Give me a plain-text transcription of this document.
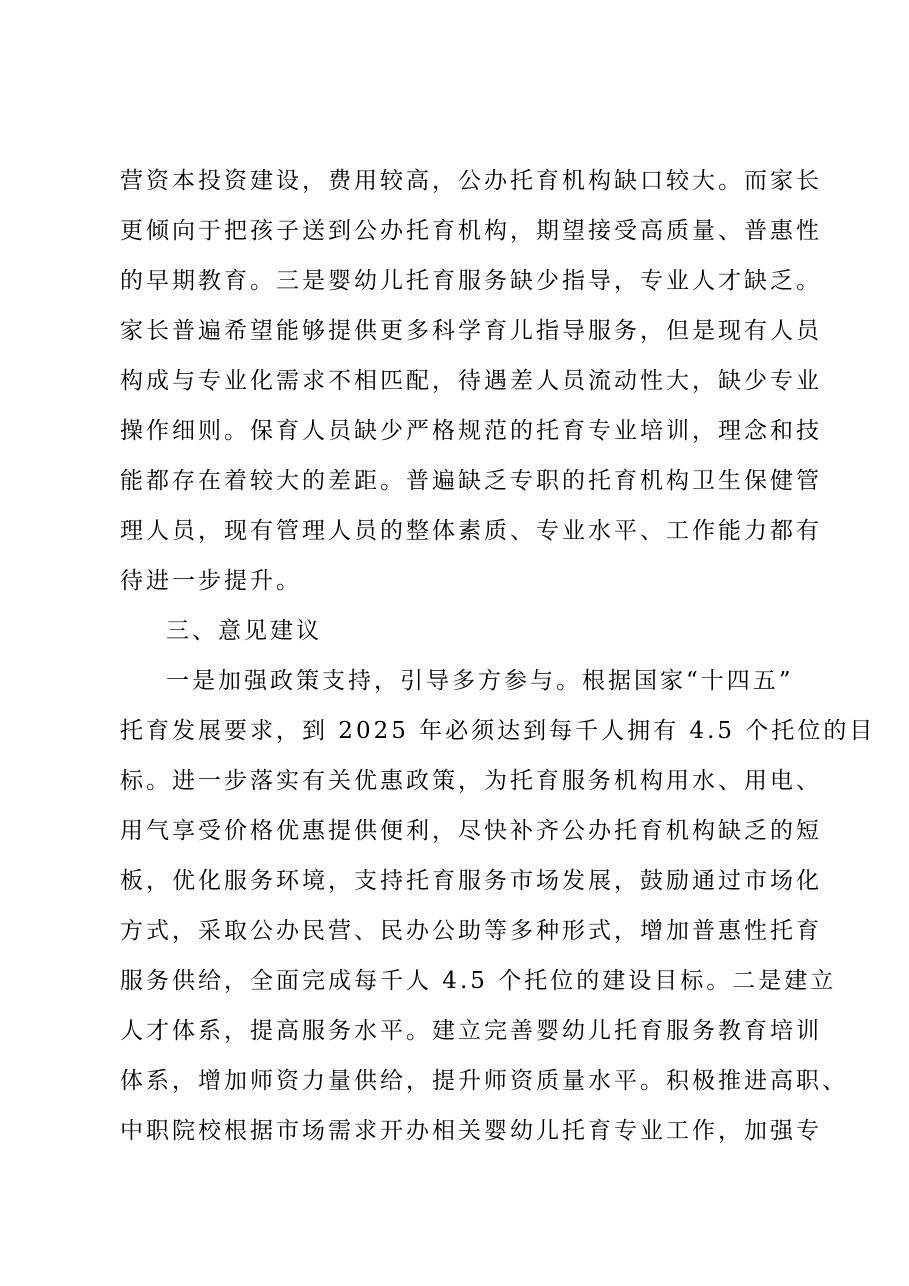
营资本投资建设，费用较高，公办托育机构缺口较大。而家长
更倾向于把孩子送到公办托育机构，期望接受高质量、普惠性
的早期教育。三是婴幼儿托育服务缺少指导，专业人才缺乏。
家长普遍希望能够提供更多科学育儿指导服务，但是现有人员
构成与专业化需求不相匹配，待遇差人员流动性大，缺少专业
操作细则。保育人员缺少严格规范的托育专业培训，理念和技
能都存在着较大的差距。普遍缺乏专职的托育机构卫生保健管
理人员，现有管理人员的整体素质、专业水平、工作能力都有
待进一步提升。
三、意见建议
一是加强政策支持，引导多方参与。根据国家“十四五”
托育发展要求，到 2025 年必须达到每千人拥有 4.5 个托位的目
标。进一步落实有关优惠政策，为托育服务机构用水、用电、
用气享受价格优惠提供便利，尽快补齐公办托育机构缺乏的短
板，优化服务环境，支持托育服务市场发展，鼓励通过市场化
方式，采取公办民营、民办公助等多种形式，增加普惠性托育
服务供给，全面完成每千人 4.5 个托位的建设目标。二是建立
人才体系，提高服务水平。建立完善婴幼儿托育服务教育培训
体系，增加师资力量供给，提升师资质量水平。积极推进高职、
中职院校根据市场需求开办相关婴幼儿托育专业工作，加强专
